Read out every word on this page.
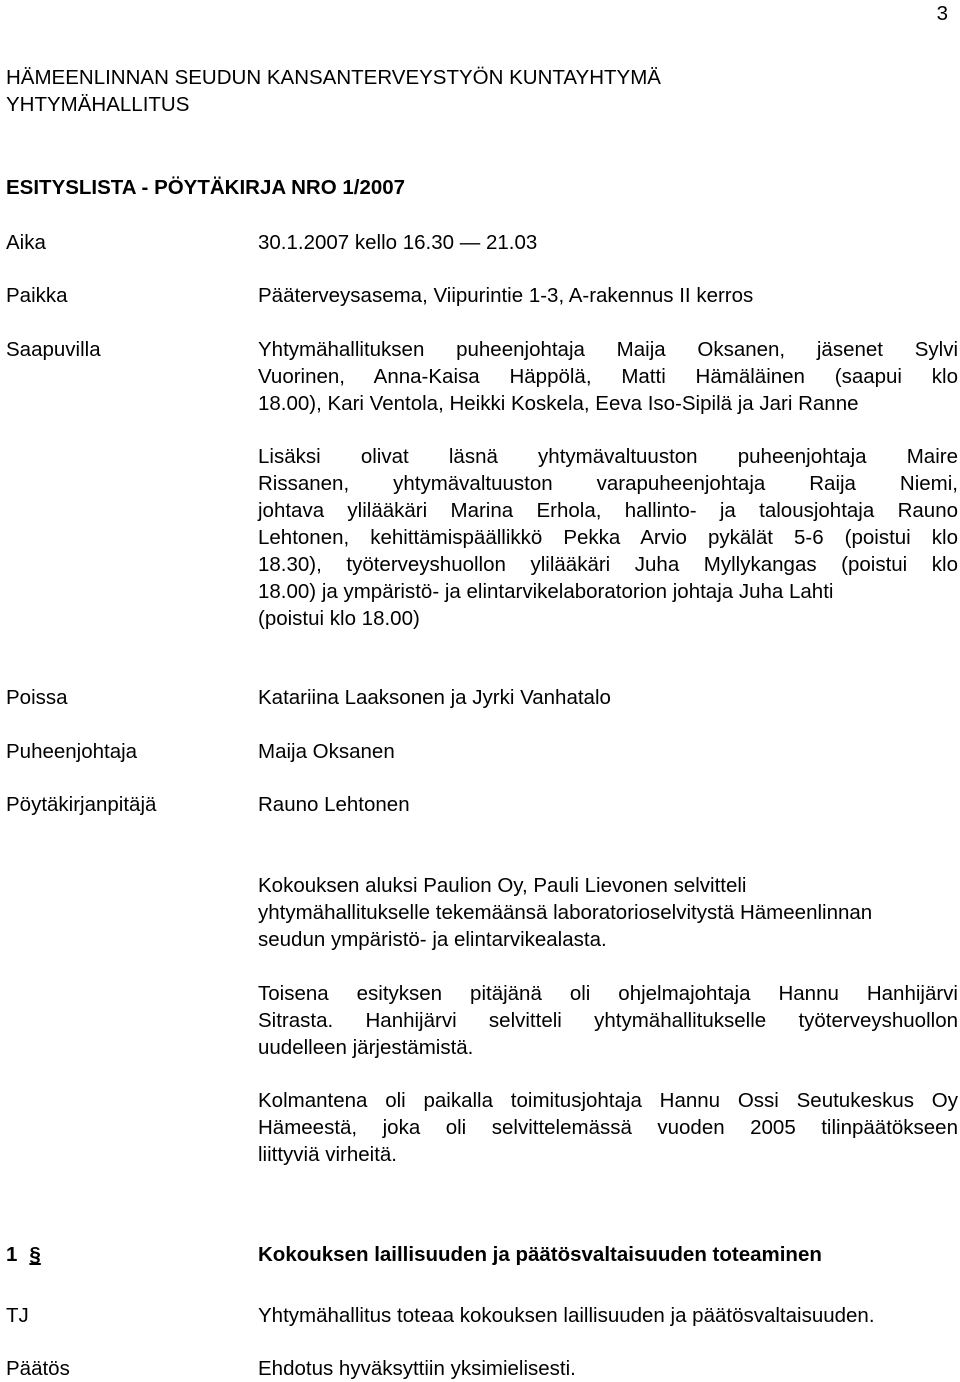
3
HÄMEENLINNAN SEUDUN KANSANTERVEYSTYÖN KUNTAYHTYMÄ
YHTYMÄHALLITUS
ESITYSLISTA - PÖYTÄKIRJA NRO 1/2007
Aika	30.1.2007 kello 16.30 — 21.03
Paikka	Pääterveysasema, Viipurintie 1-3, A-rakennus II kerros
Saapuvilla	Yhtymähallituksen puheenjohtaja Maija Oksanen, jäsenet Sylvi
Vuorinen, Anna-Kaisa Häppölä, Matti Hämäläinen (saapui klo
18.00), Kari Ventola, Heikki Koskela, Eeva Iso-Sipilä ja Jari Ranne
Lisäksi olivat läsnä yhtymävaltuuston puheenjohtaja Maire
Rissanen, yhtymävaltuuston varapuheenjohtaja Raija Niemi,
johtava ylilääkäri Marina Erhola, hallinto- ja talousjohtaja Rauno
Lehtonen, kehittämispäällikkö Pekka Arvio pykälät 5-6 (poistui klo
18.30), työterveyshuollon ylilääkäri Juha Myllykangas (poistui klo
18.00) ja ympäristö- ja elintarvikelaboratorion johtaja Juha Lahti
(poistui klo 18.00)
Poissa	Katariina Laaksonen ja Jyrki Vanhatalo
Puheenjohtaja	Maija Oksanen
Pöytäkirjanpitäjä	Rauno Lehtonen
Kokouksen aluksi Paulion Oy, Pauli Lievonen selvitteli
yhtymähallitukselle tekemäänsä laboratorioselvitystä Hämeenlinnan
seudun ympäristö- ja elintarvikealasta.
Toisena esityksen pitäjänä oli ohjelmajohtaja Hannu Hanhijärvi
Sitrasta. Hanhijärvi selvitteli yhtymähallitukselle työterveyshuollon
uudelleen järjestämistä.
Kolmantena oli paikalla toimitusjohtaja Hannu Ossi Seutukeskus Oy
Hämeestä, joka oli selvittelemässä vuoden 2005 tilinpäätökseen
liittyviä virheitä.
1 §	Kokouksen laillisuuden ja päätösvaltaisuuden toteaminen
TJ	Yhtymähallitus toteaa kokouksen laillisuuden ja päätösvaltaisuuden.
Päätös	Ehdotus hyväksyttiin yksimielisesti.
